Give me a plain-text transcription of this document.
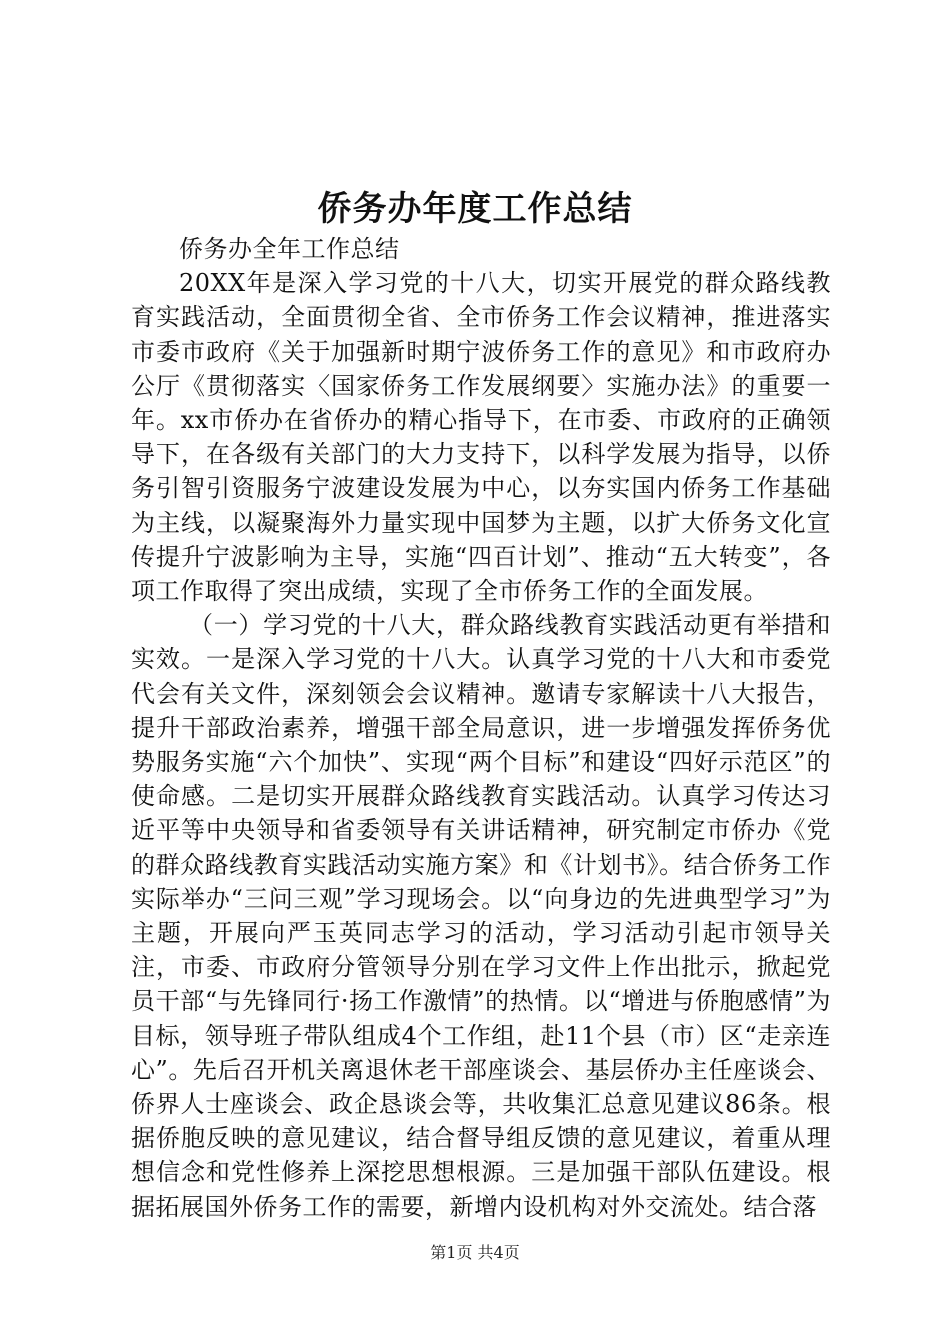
侨务办年度工作总结

侨务办全年工作总结

20XX年是深入学习党的十八大，切实开展党的群众路线教育实践活动，全面贯彻全省、全市侨务工作会议精神，推进落实市委市政府《关于加强新时期宁波侨务工作的意见》和市政府办公厅《贯彻落实〈国家侨务工作发展纲要〉实施办法》的重要一年。xx市侨办在省侨办的精心指导下，在市委、市政府的正确领导下，在各级有关部门的大力支持下，以科学发展为指导，以侨务引智引资服务宁波建设发展为中心，以夯实国内侨务工作基础为主线，以凝聚海外力量实现中国梦为主题，以扩大侨务文化宣传提升宁波影响为主导，实施“四百计划”、推动“五大转变”，各项工作取得了突出成绩，实现了全市侨务工作的全面发展。

（一）学习党的十八大，群众路线教育实践活动更有举措和实效。一是深入学习党的十八大。认真学习党的十八大和市委党代会有关文件，深刻领会会议精神。邀请专家解读十八大报告，提升干部政治素养，增强干部全局意识，进一步增强发挥侨务优势服务实施“六个加快”、实现“两个目标”和建设“四好示范区”的使命感。二是切实开展群众路线教育实践活动。认真学习传达习近平等中央领导和省委领导有关讲话精神，研究制定市侨办《党的群众路线教育实践活动实施方案》和《计划书》。结合侨务工作实际举办“三问三观”学习现场会。以“向身边的先进典型学习”为主题，开展向严玉英同志学习的活动，学习活动引起市领导关注，市委、市政府分管领导分别在学习文件上作出批示，掀起党员干部“与先锋同行·扬工作激情”的热情。以“增进与侨胞感情”为目标，领导班子带队组成4个工作组，赴11个县（市）区“走亲连心”。先后召开机关离退休老干部座谈会、基层侨办主任座谈会、侨界人士座谈会、政企恳谈会等，共收集汇总意见建议86条。根据侨胞反映的意见建议，结合督导组反馈的意见建议，着重从理想信念和党性修养上深挖思想根源。三是加强干部队伍建设。根据拓展国外侨务工作的需要，新增内设机构对外交流处。结合落

第1页 共4页
